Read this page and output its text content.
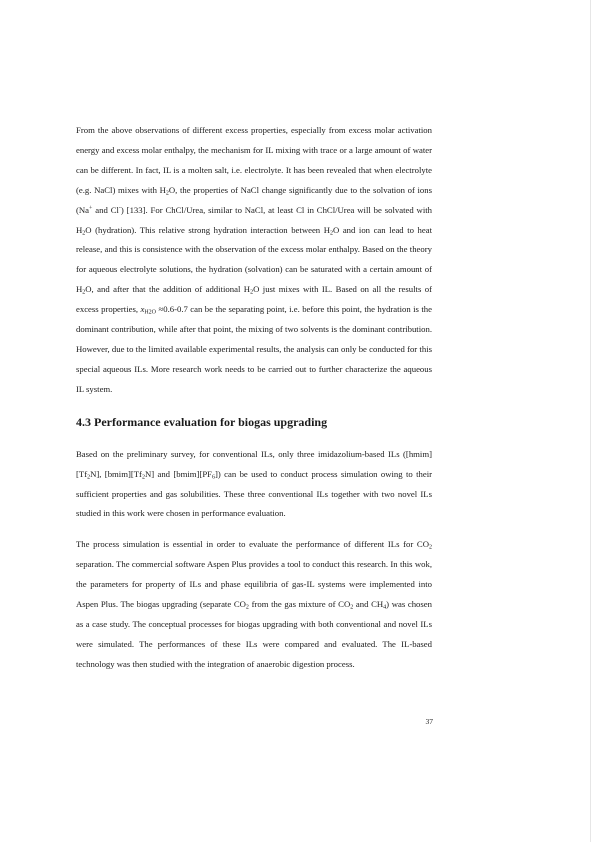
From the above observations of different excess properties, especially from excess molar activation energy and excess molar enthalpy, the mechanism for IL mixing with trace or a large amount of water can be different. In fact, IL is a molten salt, i.e. electrolyte. It has been revealed that when electrolyte (e.g. NaCl) mixes with $H_2O$, the properties of NaCl change significantly due to the solvation of ions (Na+ and Cl-) [133]. For ChCl/Urea, similar to NaCl, at least Cl in ChCl/Urea will be solvated with $H_2O$ (hydration). This relative strong hydration interaction between $H_2O$ and ion can lead to heat release, and this is consistence with the observation of the excess molar enthalpy. Based on the theory for aqueous electrolyte solutions, the hydration (solvation) can be saturated with a certain amount of $H_2O$, and after that the addition of additional $H_2O$ just mixes with IL. Based on all the results of excess properties, $x_{H2O} \approx 0.6-0.7$ can be the separating point, i.e. before this point, the hydration is the dominant contribution, while after that point, the mixing of two solvents is the dominant contribution. However, due to the limited available experimental results, the analysis can only be conducted for this special aqueous ILs. More research work needs to be carried out to further characterize the aqueous IL system.

4.3 Performance evaluation for biogas upgrading

Based on the preliminary survey, for conventional ILs, only three imidazolium-based ILs ($[hmim][Tf_2N]$, $[bmim][Tf_2N]$ and $[bmim][PF_6]$) can be used to conduct process simulation owing to their sufficient properties and gas solubilities. These three conventional ILs together with two novel ILs studied in this work were chosen in performance evaluation.

The process simulation is essential in order to evaluate the performance of different ILs for $CO_2$ separation. The commercial software Aspen Plus provides a tool to conduct this research. In this wok, the parameters for property of ILs and phase equilibria of gas-IL systems were implemented into Aspen Plus. The biogas upgrading (separate $CO_2$ from the gas mixture of $CO_2$ and $CH_4$) was chosen as a case study. The conceptual processes for biogas upgrading with both conventional and novel ILs were simulated. The performances of these ILs were compared and evaluated. The IL-based technology was then studied with the integration of anaerobic digestion process.

37
